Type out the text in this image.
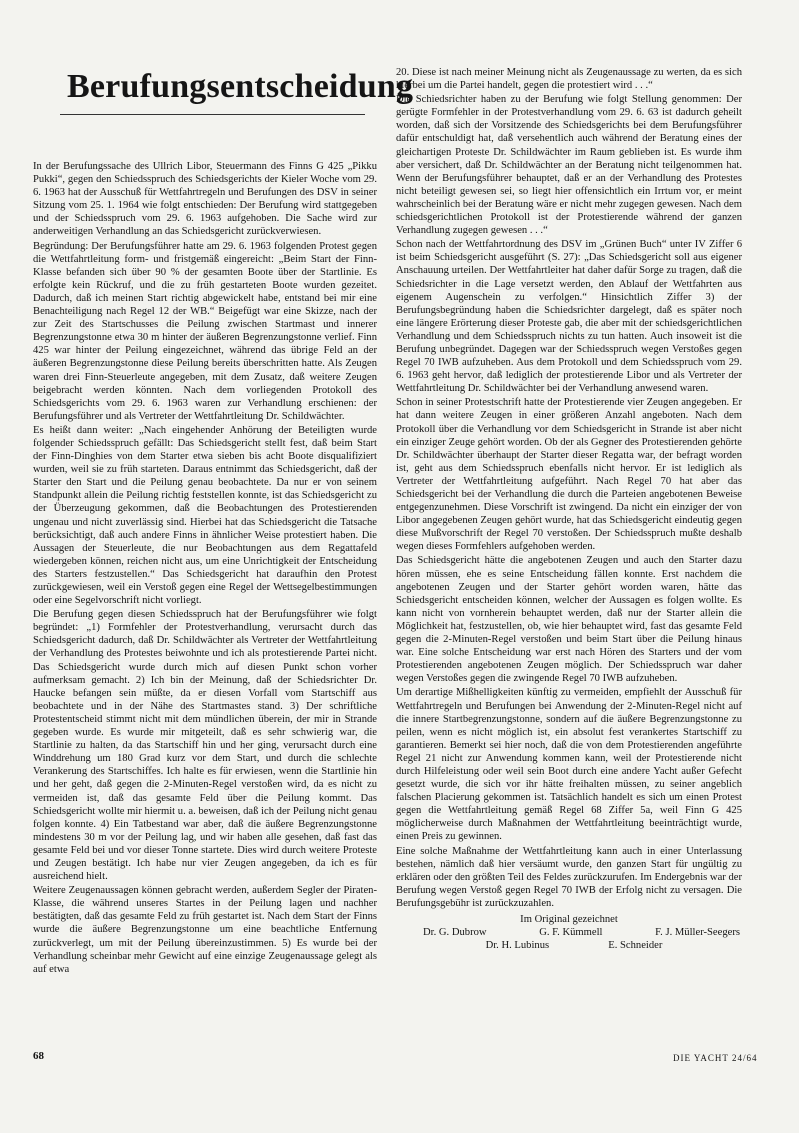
Berufungsentscheidung

In der Berufungssache des Ullrich Libor, Steuermann des Finns G 425 „Pikku Pukki“, gegen den Schiedsspruch des Schiedsgerichts der Kieler Woche vom 29. 6. 1963 hat der Ausschuß für Wettfahrtregeln und Berufungen des DSV in seiner Sitzung vom 25. 1. 1964 wie folgt entschieden: Der Berufung wird stattgegeben und der Schiedsspruch vom 29. 6. 1963 aufgehoben. Die Sache wird zur anderweitigen Verhandlung an das Schiedsgericht zurückverwiesen.

Begründung: Der Berufungsführer hatte am 29. 6. 1963 folgenden Protest gegen die Wettfahrtleitung form- und fristgemäß eingereicht: „Beim Start der Finn-Klasse befanden sich über 90 % der gesamten Boote über der Startlinie. Es erfolgte kein Rückruf, und die zu früh gestarteten Boote wurden gezeitet. Dadurch, daß ich meinen Start richtig abgewickelt habe, entstand bei mir eine Benachteiligung nach Regel 12 der WB.“ Beigefügt war eine Skizze, nach der zur Zeit des Startschusses die Peilung zwischen Startmast und innerer Begrenzungstonne etwa 30 m hinter der äußeren Begrenzungstonne verlief. Finn 425 war hinter der Peilung eingezeichnet, während das übrige Feld an der äußeren Begrenzungstonne diese Peilung bereits überschritten hatte. Als Zeugen waren drei Finn-Steuerleute angegeben, mit dem Zusatz, daß weitere Zeugen beigebracht werden könnten. Nach dem vorliegenden Protokoll des Schiedsgerichts vom 29. 6. 1963 waren zur Verhandlung erschienen: der Berufungsführer und als Vertreter der Wettfahrtleitung Dr. Schildwächter.

Es heißt dann weiter: „Nach eingehender Anhörung der Beteiligten wurde folgender Schiedsspruch gefällt: Das Schiedsgericht stellt fest, daß beim Start der Finn-Dinghies von dem Starter etwa sieben bis acht Boote disqualifiziert wurden, weil sie zu früh starteten. Daraus entnimmt das Schiedsgericht, daß der Starter den Start und die Peilung genau beobachtete. Da nur er von seinem Standpunkt allein die Peilung richtig feststellen konnte, ist das Schiedsgericht zu der Überzeugung gekommen, daß die Beobachtungen des Protestierenden ungenau und nicht zuverlässig sind. Hierbei hat das Schiedsgericht die Tatsache berücksichtigt, daß auch andere Finns in ähnlicher Weise protestiert haben. Die Aussagen der Steuerleute, die nur Beobachtungen aus dem Regattafeld wiedergeben können, reichen nicht aus, um eine Unrichtigkeit der Entscheidung des Starters festzustellen.“ Das Schiedsgericht hat daraufhin den Protest zurückgewiesen, weil ein Verstoß gegen eine Regel der Wettsegelbestimmungen oder eine Segelvorschrift nicht vorliegt.

Die Berufung gegen diesen Schiedsspruch hat der Berufungsführer wie folgt begründet: „1) Formfehler der Protestverhandlung, verursacht durch das Schiedsgericht dadurch, daß Dr. Schildwächter als Vertreter der Wettfahrtleitung der Verhandlung des Protestes beiwohnte und ich als protestierende Partei nicht. Das Schiedsgericht wurde durch mich auf diesen Punkt schon vorher aufmerksam gemacht. 2) Ich bin der Meinung, daß der Schiedsrichter Dr. Haucke befangen sein müßte, da er diesen Vorfall vom Startschiff aus beobachtete und in der Nähe des Startmastes stand. 3) Der schriftliche Protestentscheid stimmt nicht mit dem mündlichen überein, der mir in Strande gegeben wurde. Es wurde mir mitgeteilt, daß es sehr schwierig war, die Startlinie zu halten, da das Startschiff hin und her ging, verursacht durch eine Winddrehung um 180 Grad kurz vor dem Start, und durch die schlechte Verankerung des Startschiffes. Ich halte es für erwiesen, wenn die Startlinie hin und her geht, daß gegen die 2-Minuten-Regel verstoßen wird, da es nicht zu vermeiden ist, daß das gesamte Feld über die Peilung kommt. Das Schiedsgericht wollte mir hiermit u. a. beweisen, daß ich der Peilung nicht genau folgen konnte. 4) Ein Tatbestand war aber, daß die äußere Begrenzungstonne mindestens 30 m vor der Peilung lag, und wir haben alle gesehen, daß fast das gesamte Feld bei und vor dieser Tonne startete. Dies wird durch weitere Proteste und Zeugen bestätigt. Ich habe nur vier Zeugen angegeben, da ich es für ausreichend hielt.

Weitere Zeugenaussagen können gebracht werden, außerdem Segler der Piraten-Klasse, die während unseres Startes in der Peilung lagen und nachher bestätigten, daß das gesamte Feld zu früh gestartet ist. Nach dem Start der Finns wurde die äußere Begrenzungstonne um eine beachtliche Entfernung zurückverlegt, um mit der Peilung übereinzustimmen. 5) Es wurde bei der Verhandlung scheinbar mehr Gewicht auf eine einzige Zeugenaussage gelegt als auf etwa

20. Diese ist nach meiner Meinung nicht als Zeugenaussage zu werten, da es sich hierbei um die Partei handelt, gegen die protestiert wird . . .“

Die Schiedsrichter haben zu der Berufung wie folgt Stellung genommen: Der gerügte Formfehler in der Protestverhandlung vom 29. 6. 63 ist dadurch geheilt worden, daß sich der Vorsitzende des Schiedsgerichts bei dem Berufungsführer dafür entschuldigt hat, daß versehentlich auch während der Beratung eines der gleichartigen Proteste Dr. Schildwächter im Raum geblieben ist. Es wurde ihm aber versichert, daß Dr. Schildwächter an der Beratung nicht teilgenommen hat. Wenn der Berufungsführer behauptet, daß er an der Verhandlung des Protestes nicht beteiligt gewesen sei, so liegt hier offensichtlich ein Irrtum vor, er meint wahrscheinlich bei der Beratung wäre er nicht mehr zugegen gewesen. Nach dem schiedsgerichtlichen Protokoll ist der Protestierende während der ganzen Verhandlung zugegen gewesen . . .“

Schon nach der Wettfahrtordnung des DSV im „Grünen Buch“ unter IV Ziffer 6 ist beim Schiedsgericht ausgeführt (S. 27): „Das Schiedsgericht soll aus eigener Anschauung urteilen. Der Wettfahrtleiter hat daher dafür Sorge zu tragen, daß die Schiedsrichter in die Lage versetzt werden, den Ablauf der Wettfahrten aus eigenem Augenschein zu verfolgen.“ Hinsichtlich Ziffer 3) der Berufungsbegründung haben die Schiedsrichter dargelegt, daß es später noch eine längere Erörterung dieser Proteste gab, die aber mit der schiedsgerichtlichen Verhandlung und dem Schiedsspruch nichts zu tun hatten. Auch insoweit ist die Berufung unbegründet. Dagegen war der Schiedsspruch wegen Verstoßes gegen Regel 70 IWB aufzuheben. Aus dem Protokoll und dem Schiedsspruch vom 29. 6. 1963 geht hervor, daß lediglich der protestierende Libor und als Vertreter der Wettfahrtleitung Dr. Schildwächter bei der Verhandlung anwesend waren.

Schon in seiner Protestschrift hatte der Protestierende vier Zeugen angegeben. Er hat dann weitere Zeugen in einer größeren Anzahl angeboten. Nach dem Protokoll über die Verhandlung vor dem Schiedsgericht in Strande ist aber nicht ein einziger Zeuge gehört worden. Ob der als Gegner des Protestierenden gehörte Dr. Schildwächter überhaupt der Starter dieser Regatta war, der befragt worden ist, geht aus dem Schiedsspruch ebenfalls nicht hervor. Er ist lediglich als Vertreter der Wettfahrtleitung aufgeführt. Nach Regel 70 hat aber das Schiedsgericht bei der Verhandlung die durch die Parteien angebotenen Beweise entgegenzunehmen. Diese Vorschrift ist zwingend. Da nicht ein einziger der von Libor angegebenen Zeugen gehört wurde, hat das Schiedsgericht eindeutig gegen diese Mußvorschrift der Regel 70 verstoßen. Der Schiedsspruch mußte deshalb wegen dieses Formfehlers aufgehoben werden.

Das Schiedsgericht hätte die angebotenen Zeugen und auch den Starter dazu hören müssen, ehe es seine Entscheidung fällen konnte. Erst nachdem die angebotenen Zeugen und der Starter gehört worden waren, hätte das Schiedsgericht entscheiden können, welcher der Aussagen es folgen wollte. Es kann nicht von vornherein behauptet werden, daß nur der Starter allein die Möglichkeit hat, festzustellen, ob, wie hier behauptet wird, fast das gesamte Feld gegen die 2-Minuten-Regel verstoßen und beim Start über die Peilung hinaus war. Eine solche Entscheidung war erst nach Hören des Starters und der vom Protestierenden angebotenen Zeugen möglich. Der Schiedsspruch war daher wegen Verstoßes gegen die zwingende Regel 70 IWB aufzuheben.

Um derartige Mißhelligkeiten künftig zu vermeiden, empfiehlt der Ausschuß für Wettfahrtregeln und Berufungen bei Anwendung der 2-Minuten-Regel nicht auf die innere Startbegrenzungstonne, sondern auf die äußere Begrenzungstonne zu peilen, wenn es nicht möglich ist, ein absolut fest verankertes Startschiff zu garantieren. Bemerkt sei hier noch, daß die von dem Protestierenden angeführte Regel 21 nicht zur Anwendung kommen kann, weil der Protestierende nicht durch Hilfeleistung oder weil sein Boot durch eine andere Yacht außer Gefecht gesetzt wurde, die sich vor ihr hätte freihalten müssen, zu seiner angeblich falschen Placierung gekommen ist. Tatsächlich handelt es sich um einen Protest gegen die Wettfahrtleitung gemäß Regel 68 Ziffer 5a, weil Finn G 425 möglicherweise durch Maßnahmen der Wettfahrtleitung beeinträchtigt wurde, einen Preis zu gewinnen.

Eine solche Maßnahme der Wettfahrtleitung kann auch in einer Unterlassung bestehen, nämlich daß hier versäumt wurde, den ganzen Start für ungültig zu erklären oder den größten Teil des Feldes zurückzurufen. Im Endergebnis war der Berufung wegen Verstoß gegen Regel 70 IWB der Erfolg nicht zu versagen. Die Berufungsgebühr ist zurückzuzahlen.

Im Original gezeichnet
Dr. G. Dubrow	G. F. Kümmell	F. J. Müller-Seegers
Dr. H. Lubinus	E. Schneider
68	DIE YACHT 24/64
